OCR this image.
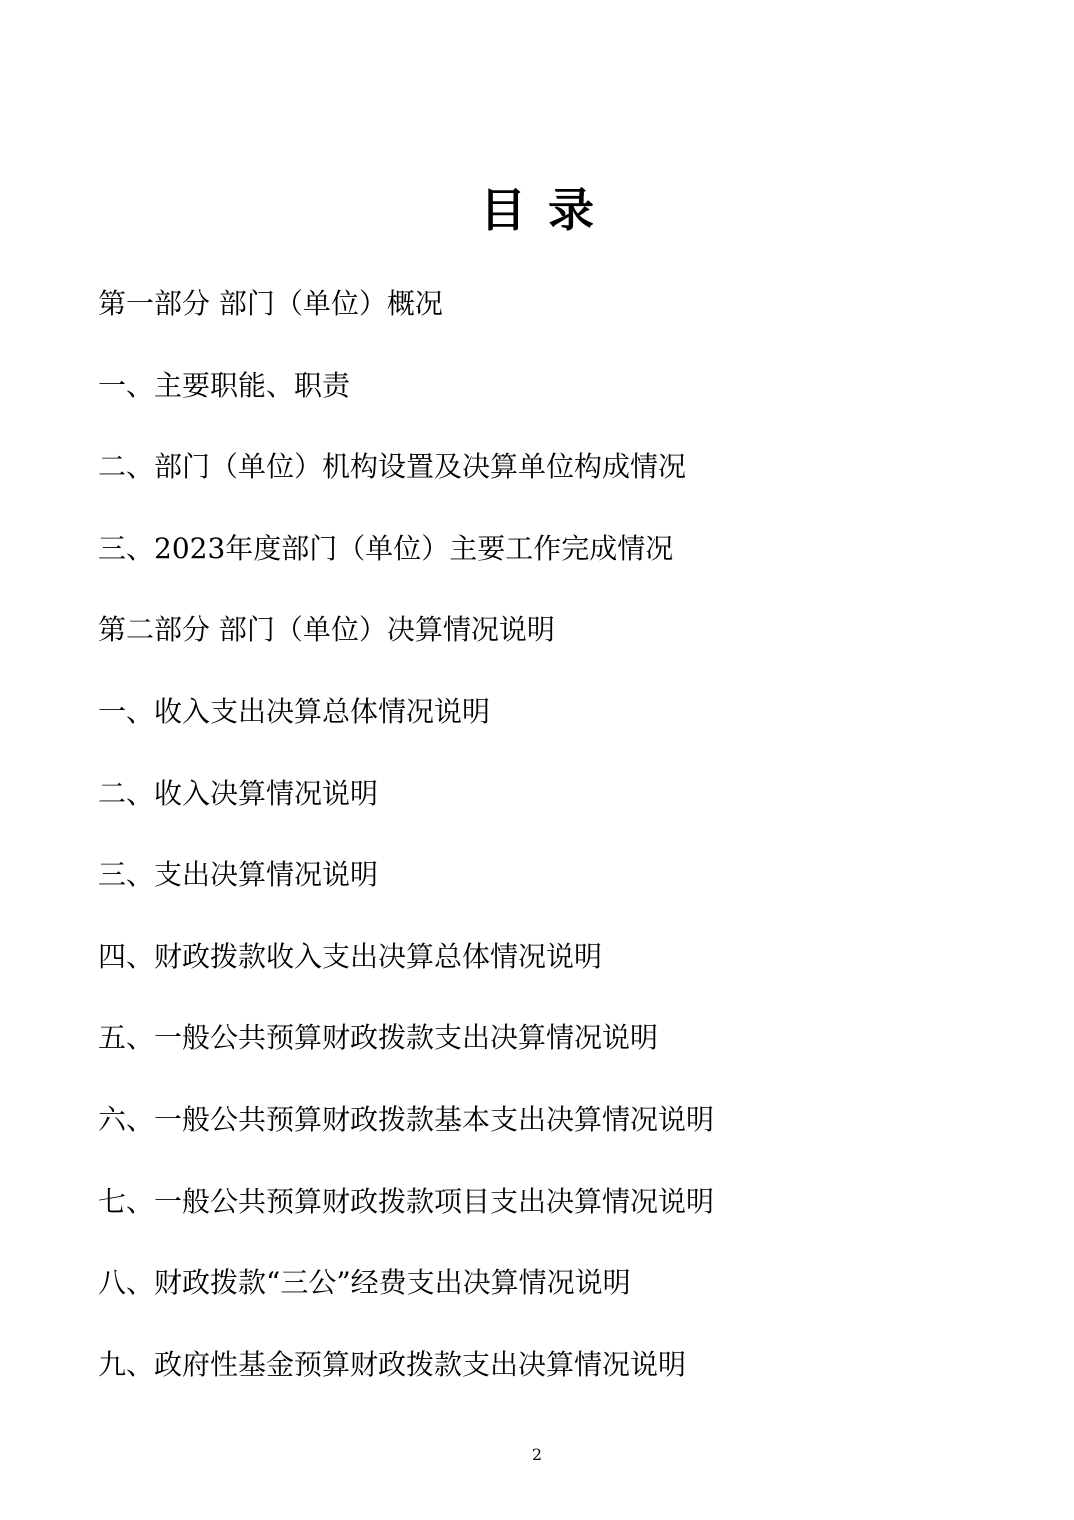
目录
第一部分 部门（单位）概况
一、主要职能、职责
二、部门（单位）机构设置及决算单位构成情况
三、2023年度部门（单位）主要工作完成情况
第二部分 部门（单位）决算情况说明
一、收入支出决算总体情况说明
二、收入决算情况说明
三、支出决算情况说明
四、财政拨款收入支出决算总体情况说明
五、一般公共预算财政拨款支出决算情况说明
六、一般公共预算财政拨款基本支出决算情况说明
七、一般公共预算财政拨款项目支出决算情况说明
八、财政拨款“三公”经费支出决算情况说明
九、政府性基金预算财政拨款支出决算情况说明
2
